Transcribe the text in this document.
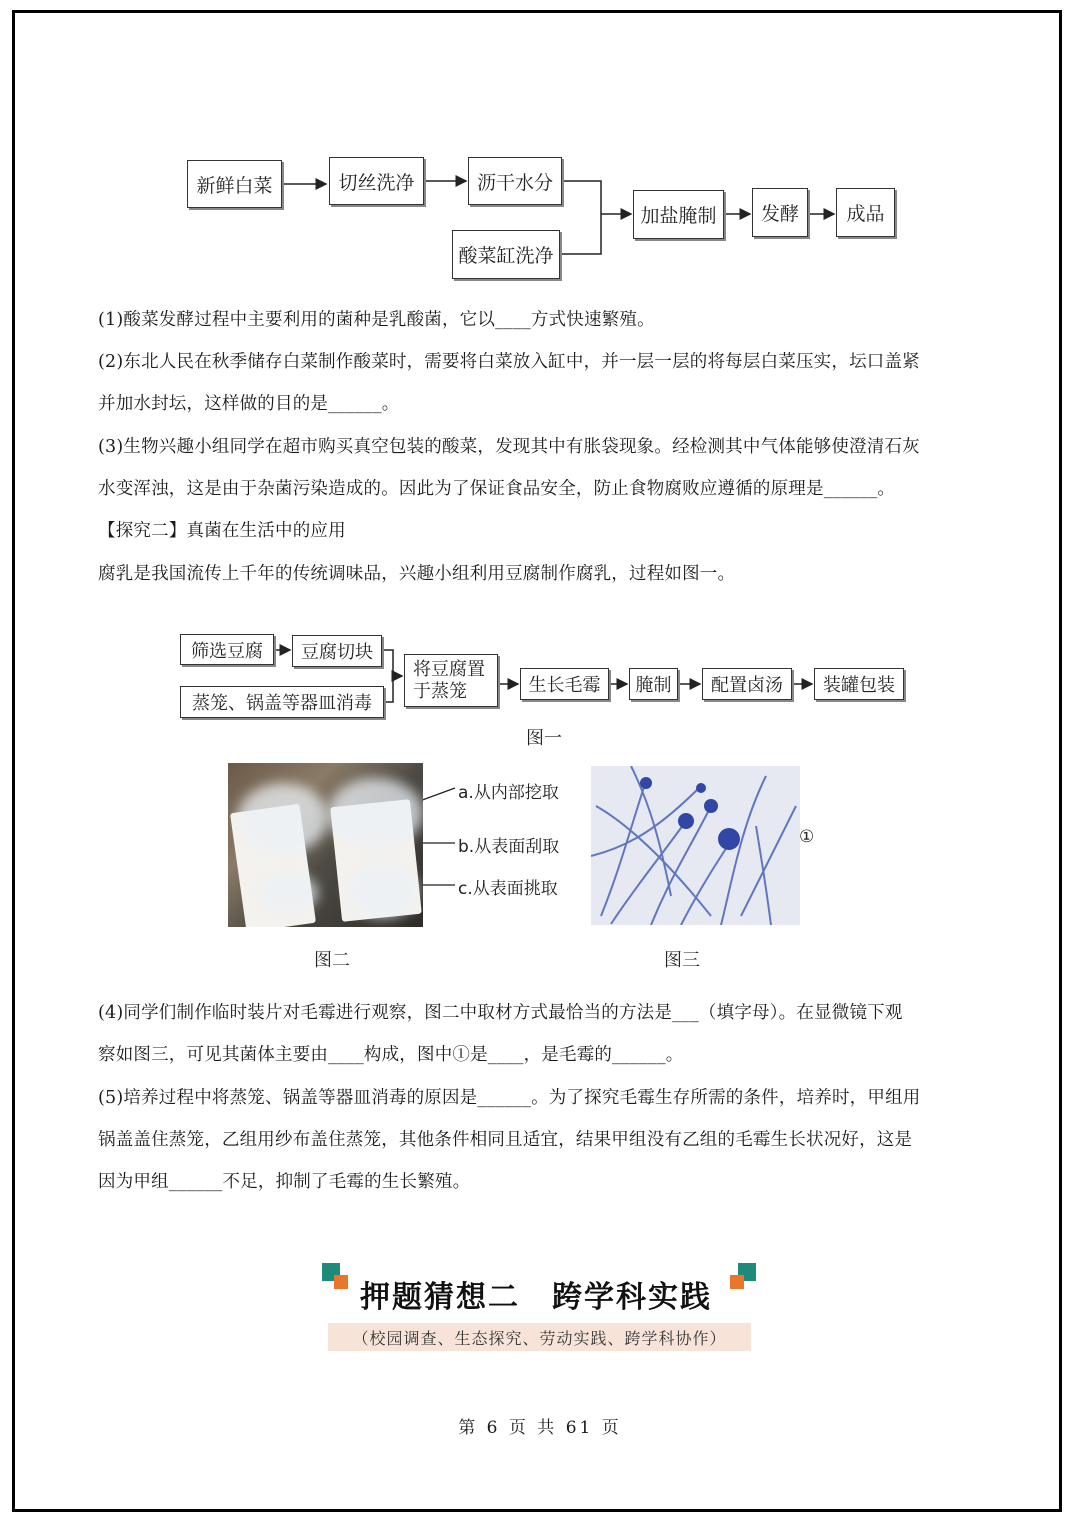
新鲜白菜	切丝洗净	沥干水分
酸菜缸洗净
加盐腌制	发酵	成品
(1)酸菜发酵过程中主要利用的菌种是乳酸菌，它以____方式快速繁殖。
(2)东北人民在秋季储存白菜制作酸菜时，需要将白菜放入缸中，并一层一层的将每层白菜压实，坛口盖紧
并加水封坛，这样做的目的是______。
(3)生物兴趣小组同学在超市购买真空包装的酸菜，发现其中有胀袋现象。经检测其中气体能够使澄清石灰
水变浑浊，这是由于杂菌污染造成的。因此为了保证食品安全，防止食物腐败应遵循的原理是______。
【探究二】真菌在生活中的应用
腐乳是我国流传上千年的传统调味品，兴趣小组利用豆腐制作腐乳，过程如图一。
筛选豆腐	豆腐切块
蒸笼、锅盖等器皿消毒
将豆腐置
于蒸笼	生长毛霉	腌制	配置卤汤	装罐包装
图一
a.从内部挖取
b.从表面刮取
c.从表面挑取
图二
①
图三
(4)同学们制作临时装片对毛霉进行观察，图二中取材方式最恰当的方法是___（填字母）。在显微镜下观
察如图三，可见其菌体主要由____构成，图中①是____，是毛霉的______。
(5)培养过程中将蒸笼、锅盖等器皿消毒的原因是______。为了探究毛霉生存所需的条件，培养时，甲组用
锅盖盖住蒸笼，乙组用纱布盖住蒸笼，其他条件相同且适宜，结果甲组没有乙组的毛霉生长状况好，这是
因为甲组______不足，抑制了毛霉的生长繁殖。
押题猜想二　跨学科实践
（校园调查、生态探究、劳动实践、跨学科协作）
第 6 页 共 61 页
